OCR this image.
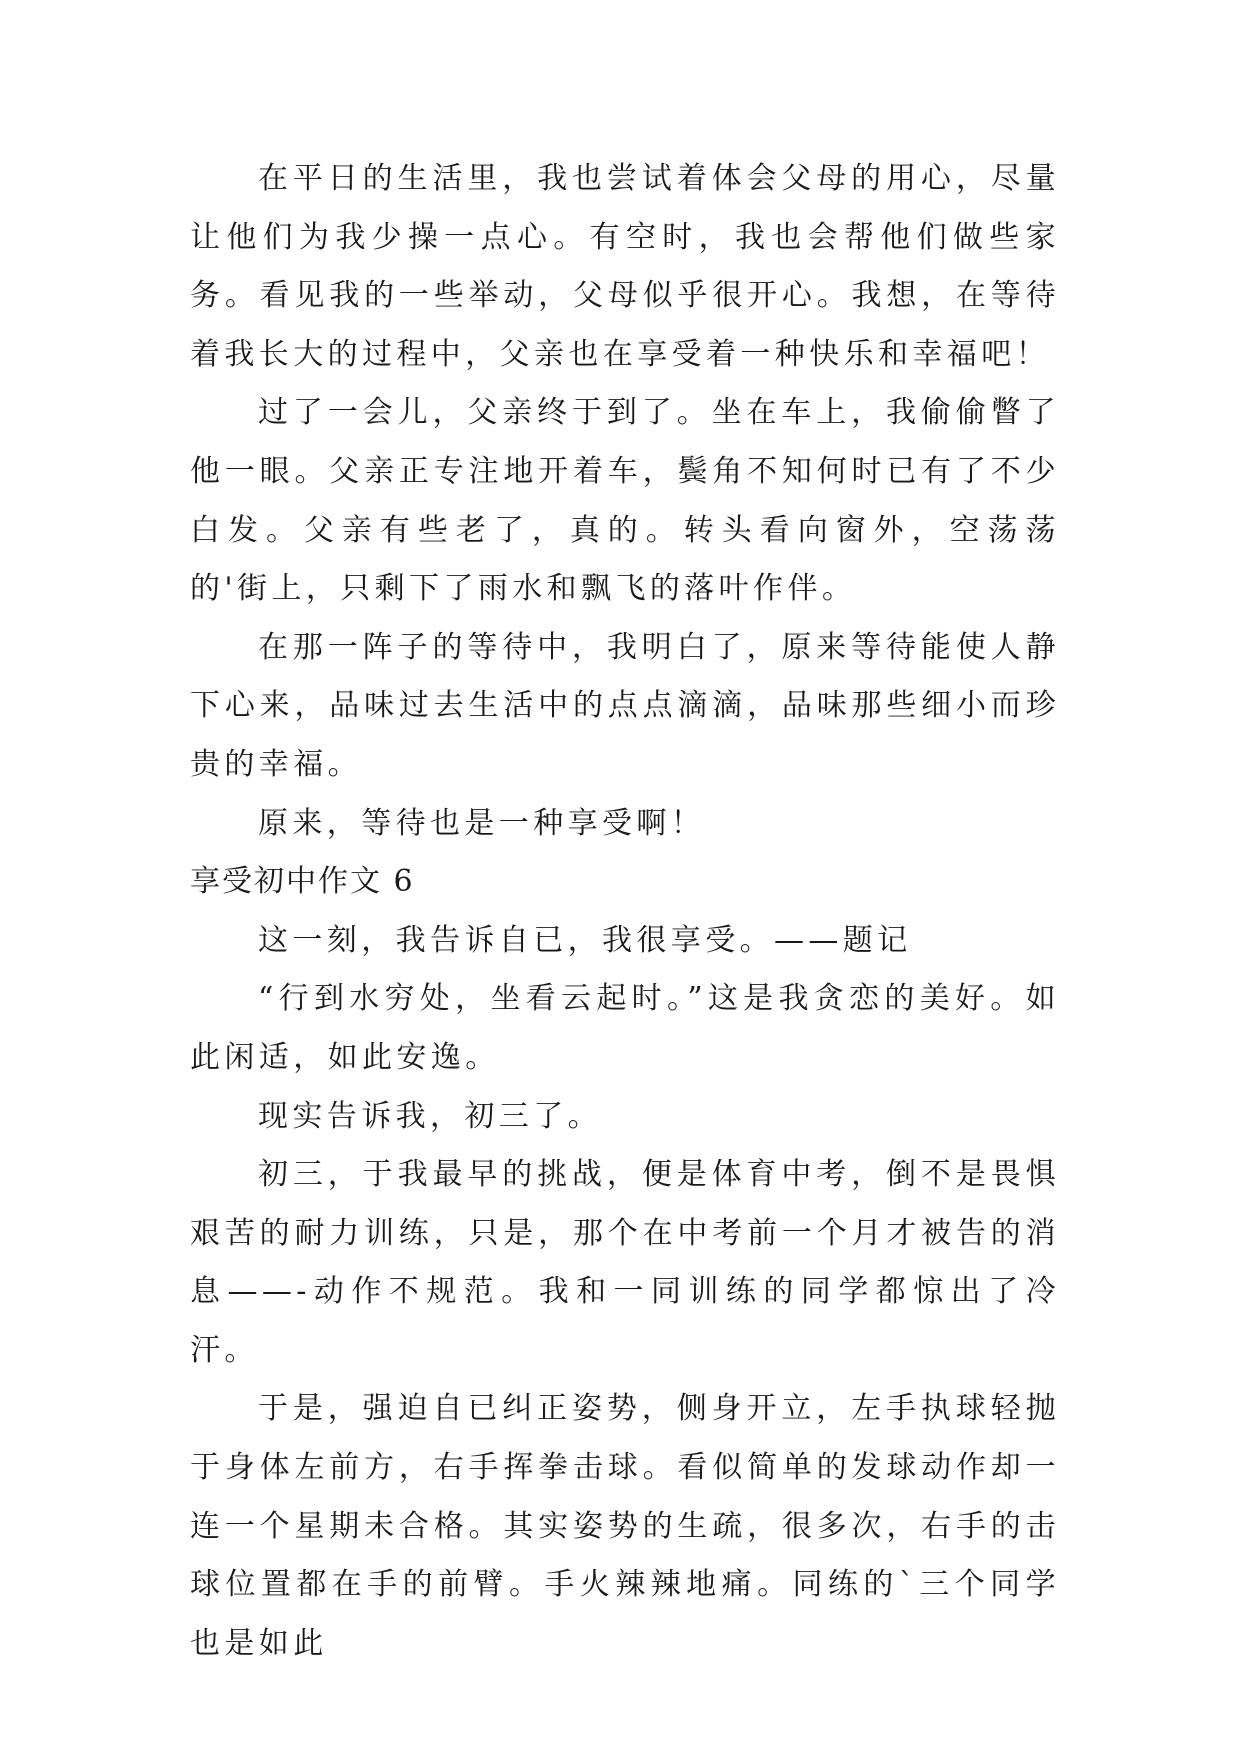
在平日的生活里，我也尝试着体会父母的用心，尽量让他们为我少操一点心。有空时，我也会帮他们做些家务。看见我的一些举动，父母似乎很开心。我想，在等待着我长大的过程中，父亲也在享受着一种快乐和幸福吧！

过了一会儿，父亲终于到了。坐在车上，我偷偷瞥了他一眼。父亲正专注地开着车，鬓角不知何时已有了不少白发。父亲有些老了，真的。转头看向窗外，空荡荡的'街上，只剩下了雨水和飘飞的落叶作伴。

在那一阵子的等待中，我明白了，原来等待能使人静下心来，品味过去生活中的点点滴滴，品味那些细小而珍贵的幸福。

原来，等待也是一种享受啊！

享受初中作文 6

这一刻，我告诉自已，我很享受。——题记

“行到水穷处，坐看云起时。”这是我贪恋的美好。如此闲适，如此安逸。

现实告诉我，初三了。

初三，于我最早的挑战，便是体育中考，倒不是畏惧艰苦的耐力训练，只是，那个在中考前一个月才被告的消息——-动作不规范。我和一同训练的同学都惊出了冷汗。

于是，强迫自已纠正姿势，侧身开立，左手执球轻抛于身体左前方，右手挥拳击球。看似简单的发球动作却一连一个星期未合格。其实姿势的生疏，很多次，右手的击球位置都在手的前臂。手火辣辣地痛。同练的`三个同学也是如此
